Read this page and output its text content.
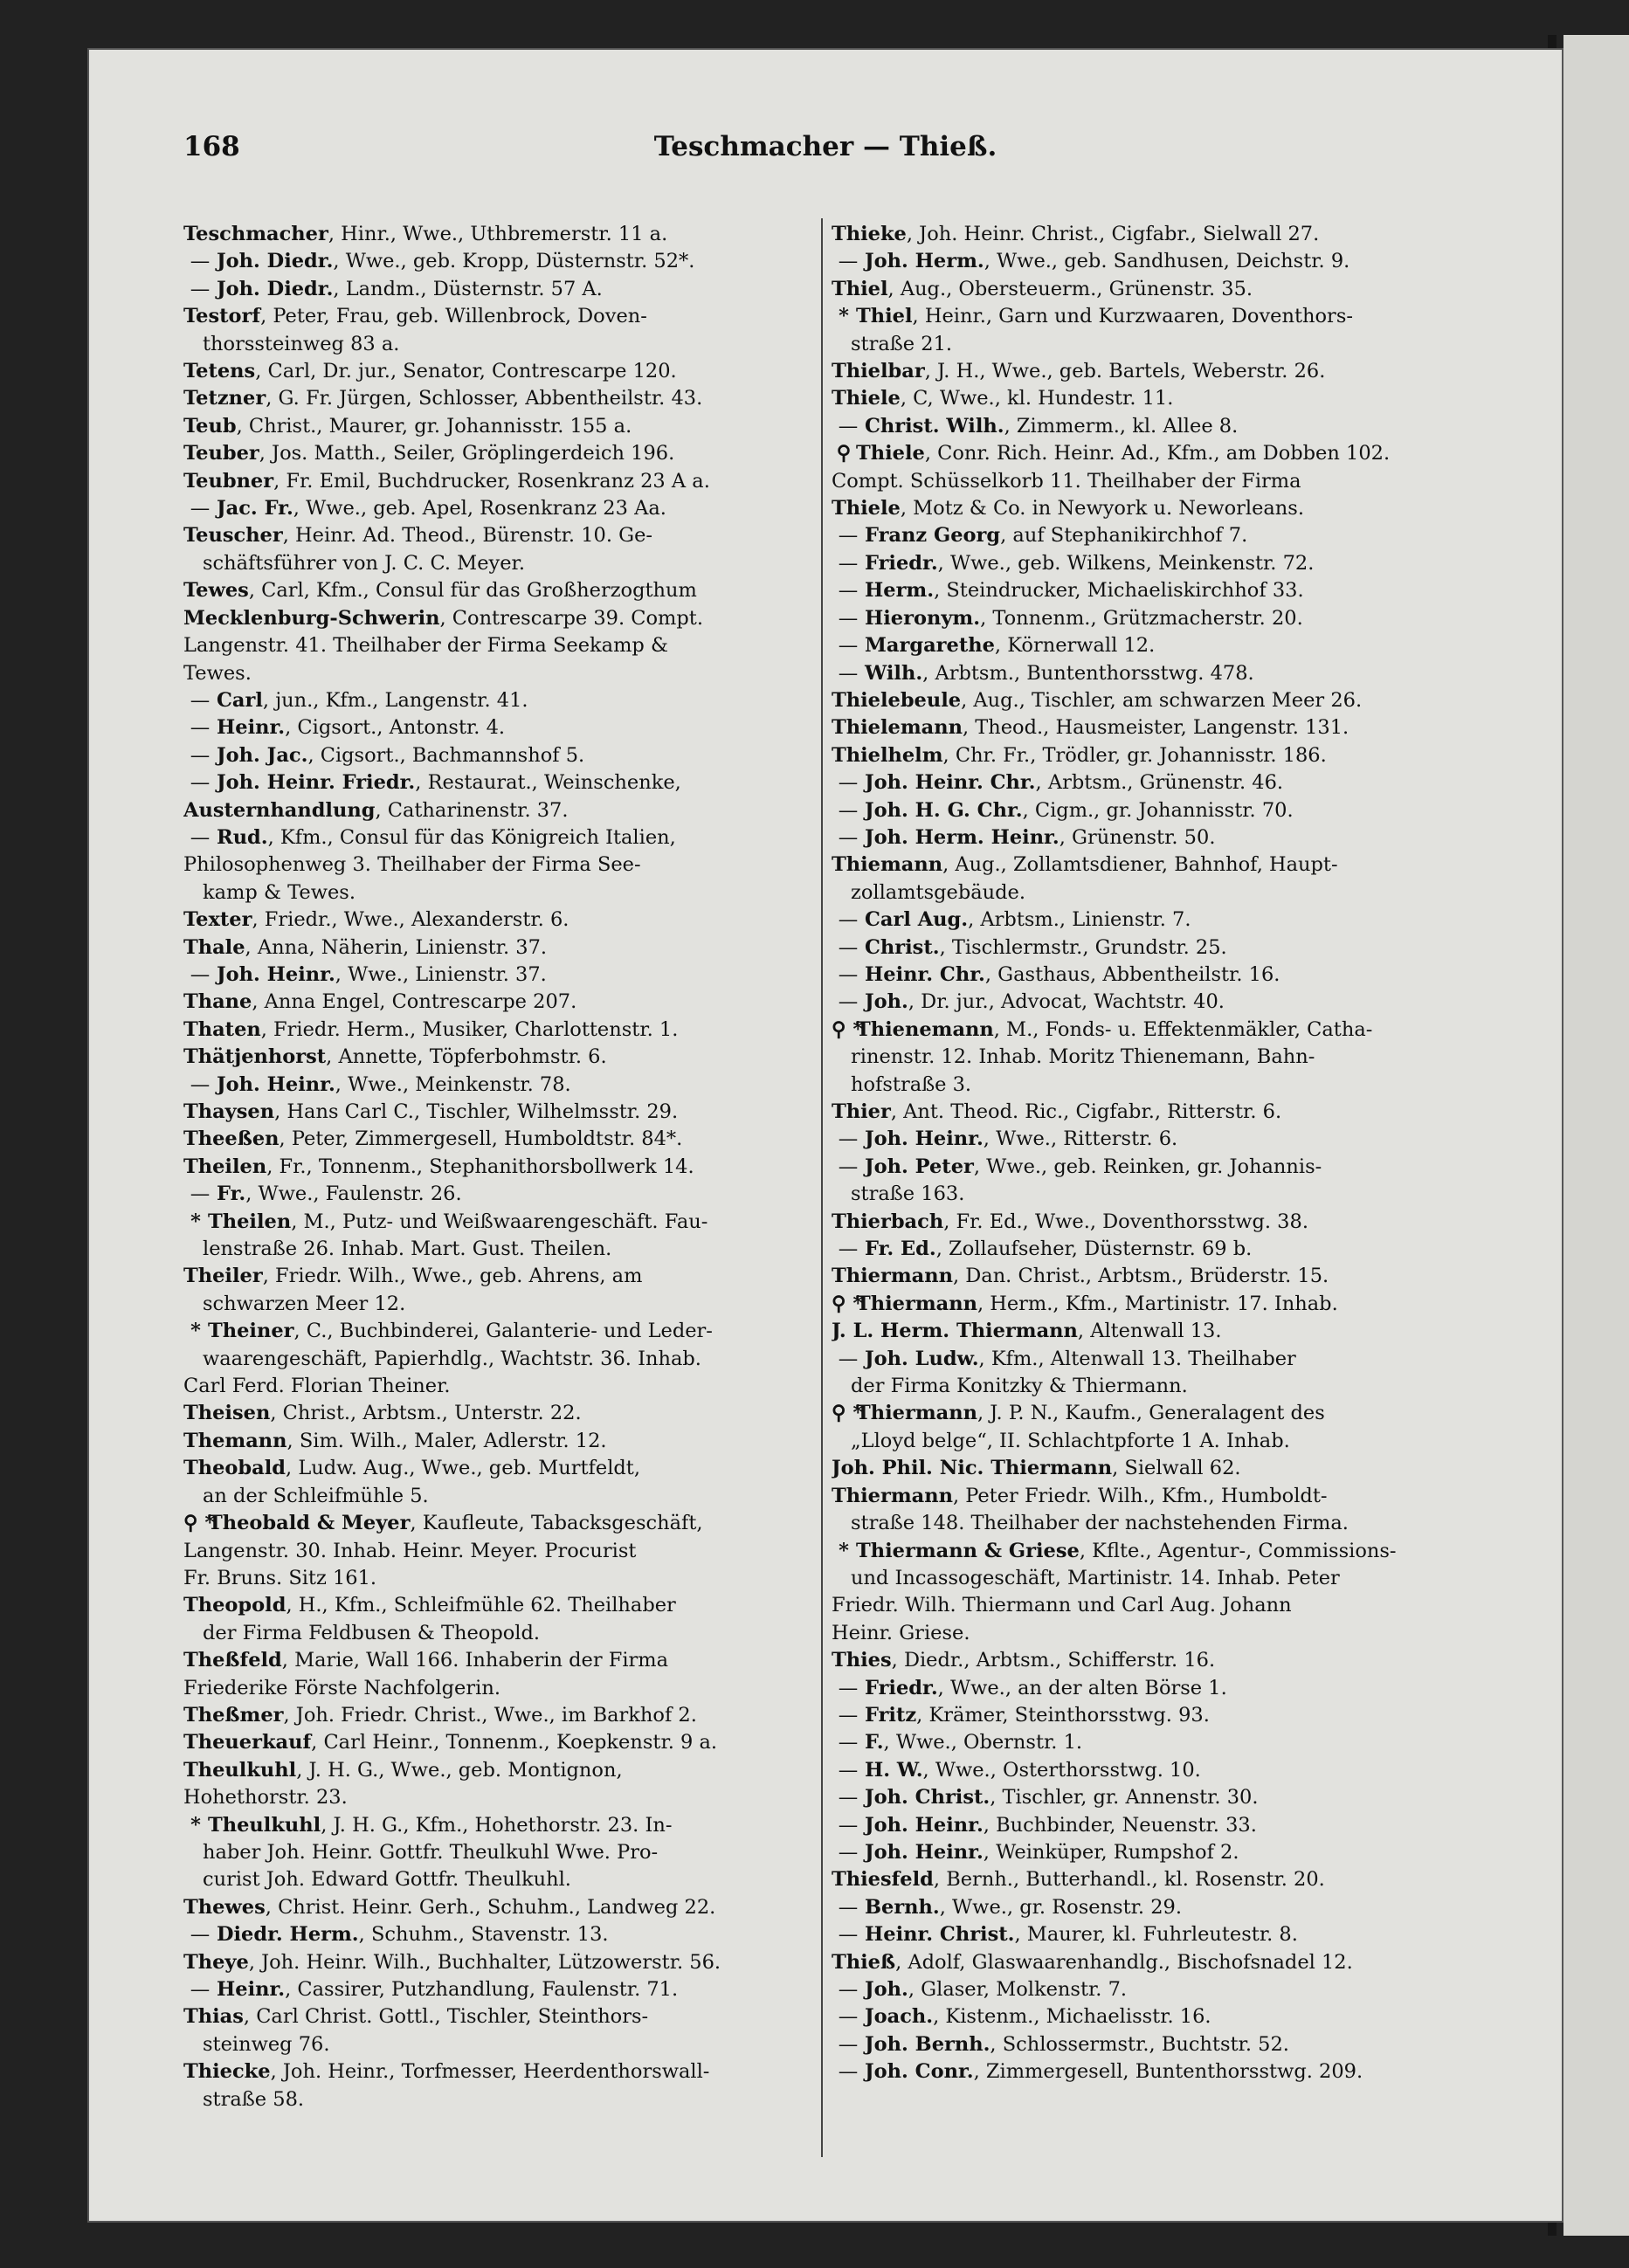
168	Teschmacher — Thieß.
Teschmacher, Hinr., Wwe., Uthbremerstr. 11 a.
— Joh. Diedr., Wwe., geb. Kropp, Düsternstr. 52*.
— Joh. Diedr., Landm., Düsternstr. 57 A.
Testorf, Peter, Frau, geb. Willenbrock, Doven-
thorssteinweg 83 a.
Tetens, Carl, Dr. jur., Senator, Contrescarpe 120.
Tetzner, G. Fr. Jürgen, Schlosser, Abbentheilstr. 43.
Teub, Christ., Maurer, gr. Johannisstr. 155 a.
Teuber, Jos. Matth., Seiler, Gröplingerdeich 196.
Teubner, Fr. Emil, Buchdrucker, Rosenkranz 23 A a.
— Jac. Fr., Wwe., geb. Apel, Rosenkranz 23 Aa.
Teuscher, Heinr. Ad. Theod., Bürenstr. 10. Ge-
schäftsführer von J. C. C. Meyer.
Tewes, Carl, Kfm., Consul für das Großherzogthum
Mecklenburg-Schwerin, Contrescarpe 39. Compt.
Langenstr. 41. Theilhaber der Firma Seekamp &
Tewes.
— Carl, jun., Kfm., Langenstr. 41.
— Heinr., Cigsort., Antonstr. 4.
— Joh. Jac., Cigsort., Bachmannshof 5.
— Joh. Heinr. Friedr., Restaurat., Weinschenke,
Austernhandlung, Catharinenstr. 37.
— Rud., Kfm., Consul für das Königreich Italien,
Philosophenweg 3. Theilhaber der Firma See-
kamp & Tewes.
Texter, Friedr., Wwe., Alexanderstr. 6.
Thale, Anna, Näherin, Linienstr. 37.
— Joh. Heinr., Wwe., Linienstr. 37.
Thane, Anna Engel, Contrescarpe 207.
Thaten, Friedr. Herm., Musiker, Charlottenstr. 1.
Thätjenhorst, Annette, Töpferbohmstr. 6.
— Joh. Heinr., Wwe., Meinkenstr. 78.
Thaysen, Hans Carl C., Tischler, Wilhelmsstr. 29.
Theeßen, Peter, Zimmergesell, Humboldtstr. 84*.
Theilen, Fr., Tonnenm., Stephanithorsbollwerk 14.
— Fr., Wwe., Faulenstr. 26.
* Theilen, M., Putz- und Weißwaarengeschäft. Fau-
lenstraße 26. Inhab. Mart. Gust. Theilen.
Theiler, Friedr. Wilh., Wwe., geb. Ahrens, am
schwarzen Meer 12.
* Theiner, C., Buchbinderei, Galanterie- und Leder-
waarengeschäft, Papierhdlg., Wachtstr. 36. Inhab.
Carl Ferd. Florian Theiner.
Theisen, Christ., Arbtsm., Unterstr. 22.
Themann, Sim. Wilh., Maler, Adlerstr. 12.
Theobald, Ludw. Aug., Wwe., geb. Murtfeldt,
an der Schleifmühle 5.
⚲ *Theobald & Meyer, Kaufleute, Tabacksgeschäft,
Langenstr. 30. Inhab. Heinr. Meyer. Procurist
Fr. Bruns. Sitz 161.
Theopold, H., Kfm., Schleifmühle 62. Theilhaber
der Firma Feldbusen & Theopold.
Theßfeld, Marie, Wall 166. Inhaberin der Firma
Friederike Förste Nachfolgerin.
Theßmer, Joh. Friedr. Christ., Wwe., im Barkhof 2.
Theuerkauf, Carl Heinr., Tonnenm., Koepkenstr. 9 a.
Theulkuhl, J. H. G., Wwe., geb. Montignon,
Hohethorstr. 23.
* Theulkuhl, J. H. G., Kfm., Hohethorstr. 23. In-
haber Joh. Heinr. Gottfr. Theulkuhl Wwe. Pro-
curist Joh. Edward Gottfr. Theulkuhl.
Thewes, Christ. Heinr. Gerh., Schuhm., Landweg 22.
— Diedr. Herm., Schuhm., Stavenstr. 13.
Theye, Joh. Heinr. Wilh., Buchhalter, Lützowerstr. 56.
— Heinr., Cassirer, Putzhandlung, Faulenstr. 71.
Thias, Carl Christ. Gottl., Tischler, Steinthors-
steinweg 76.
Thiecke, Joh. Heinr., Torfmesser, Heerdenthorswall-
straße 58.
Thieke, Joh. Heinr. Christ., Cigfabr., Sielwall 27.
— Joh. Herm., Wwe., geb. Sandhusen, Deichstr. 9.
Thiel, Aug., Obersteuerm., Grünenstr. 35.
* Thiel, Heinr., Garn und Kurzwaaren, Doventhors-
straße 21.
Thielbar, J. H., Wwe., geb. Bartels, Weberstr. 26.
Thiele, C, Wwe., kl. Hundestr. 11.
— Christ. Wilh., Zimmerm., kl. Allee 8.
⚲ Thiele, Conr. Rich. Heinr. Ad., Kfm., am Dobben 102.
Compt. Schüsselkorb 11. Theilhaber der Firma
Thiele, Motz & Co. in Newyork u. Neworleans.
— Franz Georg, auf Stephanikirchhof 7.
— Friedr., Wwe., geb. Wilkens, Meinkenstr. 72.
— Herm., Steindrucker, Michaeliskirchhof 33.
— Hieronym., Tonnenm., Grützmacherstr. 20.
— Margarethe, Körnerwall 12.
— Wilh., Arbtsm., Buntenthorsstwg. 478.
Thielebeule, Aug., Tischler, am schwarzen Meer 26.
Thielemann, Theod., Hausmeister, Langenstr. 131.
Thielhelm, Chr. Fr., Trödler, gr. Johannisstr. 186.
— Joh. Heinr. Chr., Arbtsm., Grünenstr. 46.
— Joh. H. G. Chr., Cigm., gr. Johannisstr. 70.
— Joh. Herm. Heinr., Grünenstr. 50.
Thiemann, Aug., Zollamtsdiener, Bahnhof, Haupt-
zollamtsgebäude.
— Carl Aug., Arbtsm., Linienstr. 7.
— Christ., Tischlermstr., Grundstr. 25.
— Heinr. Chr., Gasthaus, Abbentheilstr. 16.
— Joh., Dr. jur., Advocat, Wachtstr. 40.
⚲ *Thienemann, M., Fonds- u. Effektenmäkler, Catha-
rinenstr. 12. Inhab. Moritz Thienemann, Bahn-
hofstraße 3.
Thier, Ant. Theod. Ric., Cigfabr., Ritterstr. 6.
— Joh. Heinr., Wwe., Ritterstr. 6.
— Joh. Peter, Wwe., geb. Reinken, gr. Johannis-
straße 163.
Thierbach, Fr. Ed., Wwe., Doventhorsstwg. 38.
— Fr. Ed., Zollaufseher, Düsternstr. 69 b.
Thiermann, Dan. Christ., Arbtsm., Brüderstr. 15.
⚲ *Thiermann, Herm., Kfm., Martinistr. 17. Inhab.
J. L. Herm. Thiermann, Altenwall 13.
— Joh. Ludw., Kfm., Altenwall 13. Theilhaber
der Firma Konitzky & Thiermann.
⚲ *Thiermann, J. P. N., Kaufm., Generalagent des
„Lloyd belge“, II. Schlachtpforte 1 A. Inhab.
Joh. Phil. Nic. Thiermann, Sielwall 62.
Thiermann, Peter Friedr. Wilh., Kfm., Humboldt-
straße 148. Theilhaber der nachstehenden Firma.
* Thiermann & Griese, Kflte., Agentur-, Commissions-
und Incassogeschäft, Martinistr. 14. Inhab. Peter
Friedr. Wilh. Thiermann und Carl Aug. Johann
Heinr. Griese.
Thies, Diedr., Arbtsm., Schifferstr. 16.
— Friedr., Wwe., an der alten Börse 1.
— Fritz, Krämer, Steinthorsstwg. 93.
— F., Wwe., Obernstr. 1.
— H. W., Wwe., Osterthorsstwg. 10.
— Joh. Christ., Tischler, gr. Annenstr. 30.
— Joh. Heinr., Buchbinder, Neuenstr. 33.
— Joh. Heinr., Weinküper, Rumpshof 2.
Thiesfeld, Bernh., Butterhandl., kl. Rosenstr. 20.
— Bernh., Wwe., gr. Rosenstr. 29.
— Heinr. Christ., Maurer, kl. Fuhrleutestr. 8.
Thieß, Adolf, Glaswaarenhandlg., Bischofsnadel 12.
— Joh., Glaser, Molkenstr. 7.
— Joach., Kistenm., Michaelisstr. 16.
— Joh. Bernh., Schlossermstr., Buchtstr. 52.
— Joh. Conr., Zimmergesell, Buntenthorsstwg. 209.
